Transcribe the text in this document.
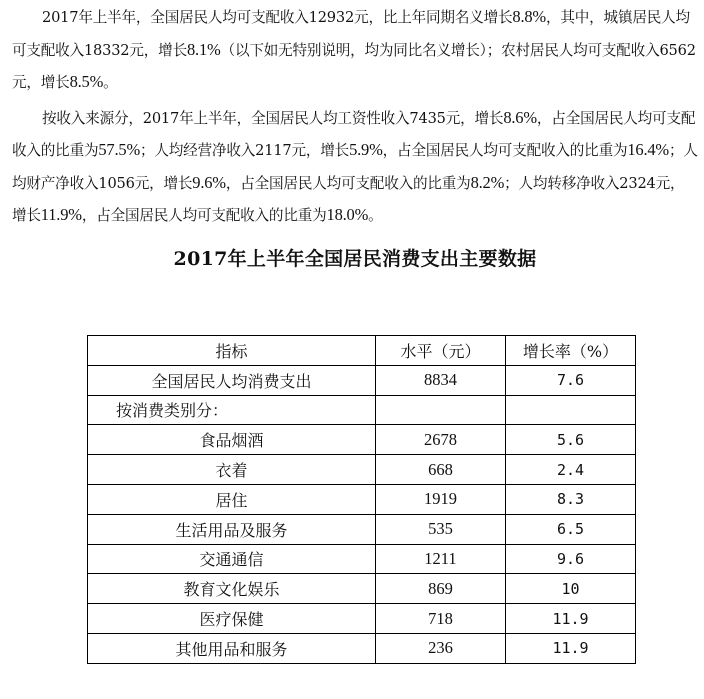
2017年上半年，全国居民人均可支配收入12932元，比上年同期名义增长8.8%，其中，城镇居民人均可支配收入18332元，增长8.1%（以下如无特别说明，均为同比名义增长）；农村居民人均可支配收入6562元，增长8.5%。

按收入来源分，2017年上半年，全国居民人均工资性收入7435元，增长8.6%，占全国居民人均可支配收入的比重为57.5%；人均经营净收入2117元，增长5.9%，占全国居民人均可支配收入的比重为16.4%；人均财产净收入1056元，增长9.6%，占全国居民人均可支配收入的比重为8.2%；人均转移净收入2324元，增长11.9%，占全国居民人均可支配收入的比重为18.0%。

2017年上半年全国居民消费支出主要数据
指标	水平（元）	增长率（%）
全国居民人均消费支出	8834	7.6
按消费类别分：		
食品烟酒	2678	5.6
衣着	668	2.4
居住	1919	8.3
生活用品及服务	535	6.5
交通通信	1211	9.6
教育文化娱乐	869	10
医疗保健	718	11.9
其他用品和服务	236	11.9
